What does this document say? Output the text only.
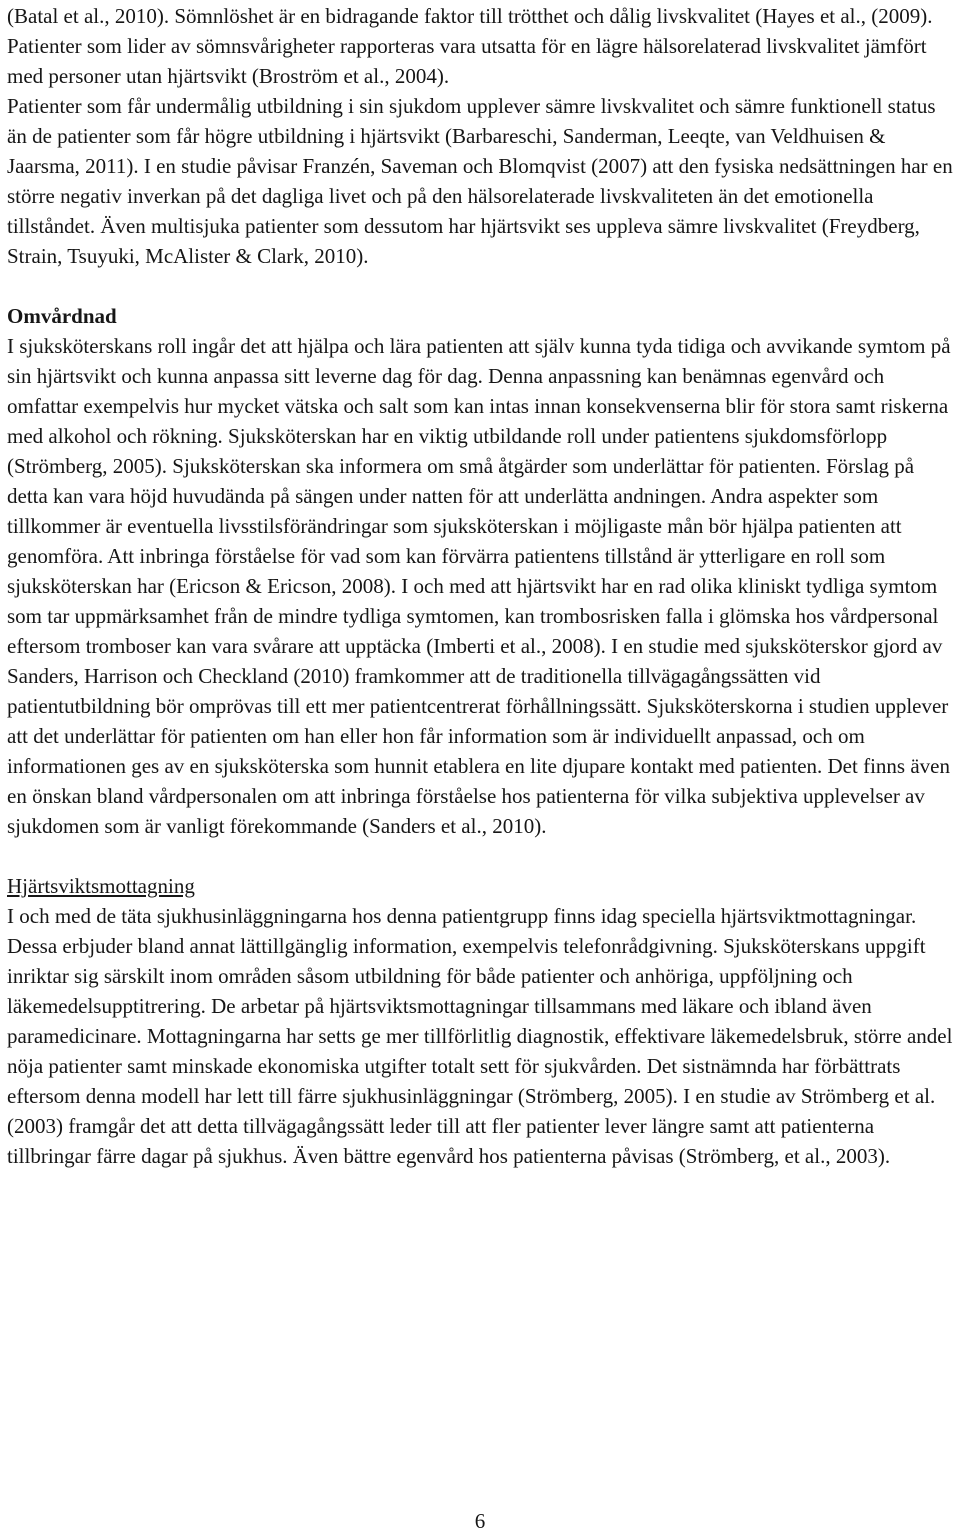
(Batal et al., 2010). Sömnlöshet är en bidragande faktor till trötthet och dålig livskvalitet (Hayes et al., (2009). Patienter som lider av sömnsvårigheter rapporteras vara utsatta för en lägre hälsorelaterad livskvalitet jämfört med personer utan hjärtsvikt (Broström et al., 2004).

Patienter som får undermålig utbildning i sin sjukdom upplever sämre livskvalitet och sämre funktionell status än de patienter som får högre utbildning i hjärtsvikt (Barbareschi, Sanderman, Leeqte, van Veldhuisen & Jaarsma, 2011). I en studie påvisar Franzén, Saveman och Blomqvist (2007) att den fysiska nedsättningen har en större negativ inverkan på det dagliga livet och på den hälsorelaterade livskvaliteten än det emotionella tillståndet. Även multisjuka patienter som dessutom har hjärtsvikt ses uppleva sämre livskvalitet (Freydberg, Strain, Tsuyuki, McAlister & Clark, 2010).

Omvårdnad

I sjuksköterskans roll ingår det att hjälpa och lära patienten att själv kunna tyda tidiga och avvikande symtom på sin hjärtsvikt och kunna anpassa sitt leverne dag för dag. Denna anpassning kan benämnas egenvård och omfattar exempelvis hur mycket vätska och salt som kan intas innan konsekvenserna blir för stora samt riskerna med alkohol och rökning. Sjuksköterskan har en viktig utbildande roll under patientens sjukdomsförlopp (Strömberg, 2005). Sjuksköterskan ska informera om små åtgärder som underlättar för patienten. Förslag på detta kan vara höjd huvudända på sängen under natten för att underlätta andningen. Andra aspekter som tillkommer är eventuella livsstilsförändringar som sjuksköterskan i möjligaste mån bör hjälpa patienten att genomföra. Att inbringa förståelse för vad som kan förvärra patientens tillstånd är ytterligare en roll som sjuksköterskan har (Ericson & Ericson, 2008). I och med att hjärtsvikt har en rad olika kliniskt tydliga symtom som tar uppmärksamhet från de mindre tydliga symtomen, kan trombosrisken falla i glömska hos vårdpersonal eftersom tromboser kan vara svårare att upptäcka (Imberti et al., 2008). I en studie med sjuksköterskor gjord av Sanders, Harrison och Checkland (2010) framkommer att de traditionella tillvägagångssätten vid patientutbildning bör omprövas till ett mer patientcentrerat förhållningssätt. Sjuksköterskorna i studien upplever att det underlättar för patienten om han eller hon får information som är individuellt anpassad, och om informationen ges av en sjuksköterska som hunnit etablera en lite djupare kontakt med patienten. Det finns även en önskan bland vårdpersonalen om att inbringa förståelse hos patienterna för vilka subjektiva upplevelser av sjukdomen som är vanligt förekommande (Sanders et al., 2010).

Hjärtsviktsmottagning

I och med de täta sjukhusinläggningarna hos denna patientgrupp finns idag speciella hjärtsviktmottagningar. Dessa erbjuder bland annat lättillgänglig information, exempelvis telefonrådgivning. Sjuksköterskans uppgift inriktar sig särskilt inom områden såsom utbildning för både patienter och anhöriga, uppföljning och läkemedelsupptitrering. De arbetar på hjärtsviktsmottagningar tillsammans med läkare och ibland även paramedicinare. Mottagningarna har setts ge mer tillförlitlig diagnostik, effektivare läkemedelsbruk, större andel nöja patienter samt minskade ekonomiska utgifter totalt sett för sjukvården. Det sistnämnda har förbättrats eftersom denna modell har lett till färre sjukhusinläggningar (Strömberg, 2005). I en studie av Strömberg et al. (2003) framgår det att detta tillvägagångssätt leder till att fler patienter lever längre samt att patienterna tillbringar färre dagar på sjukhus. Även bättre egenvård hos patienterna påvisas (Strömberg, et al., 2003).

6
